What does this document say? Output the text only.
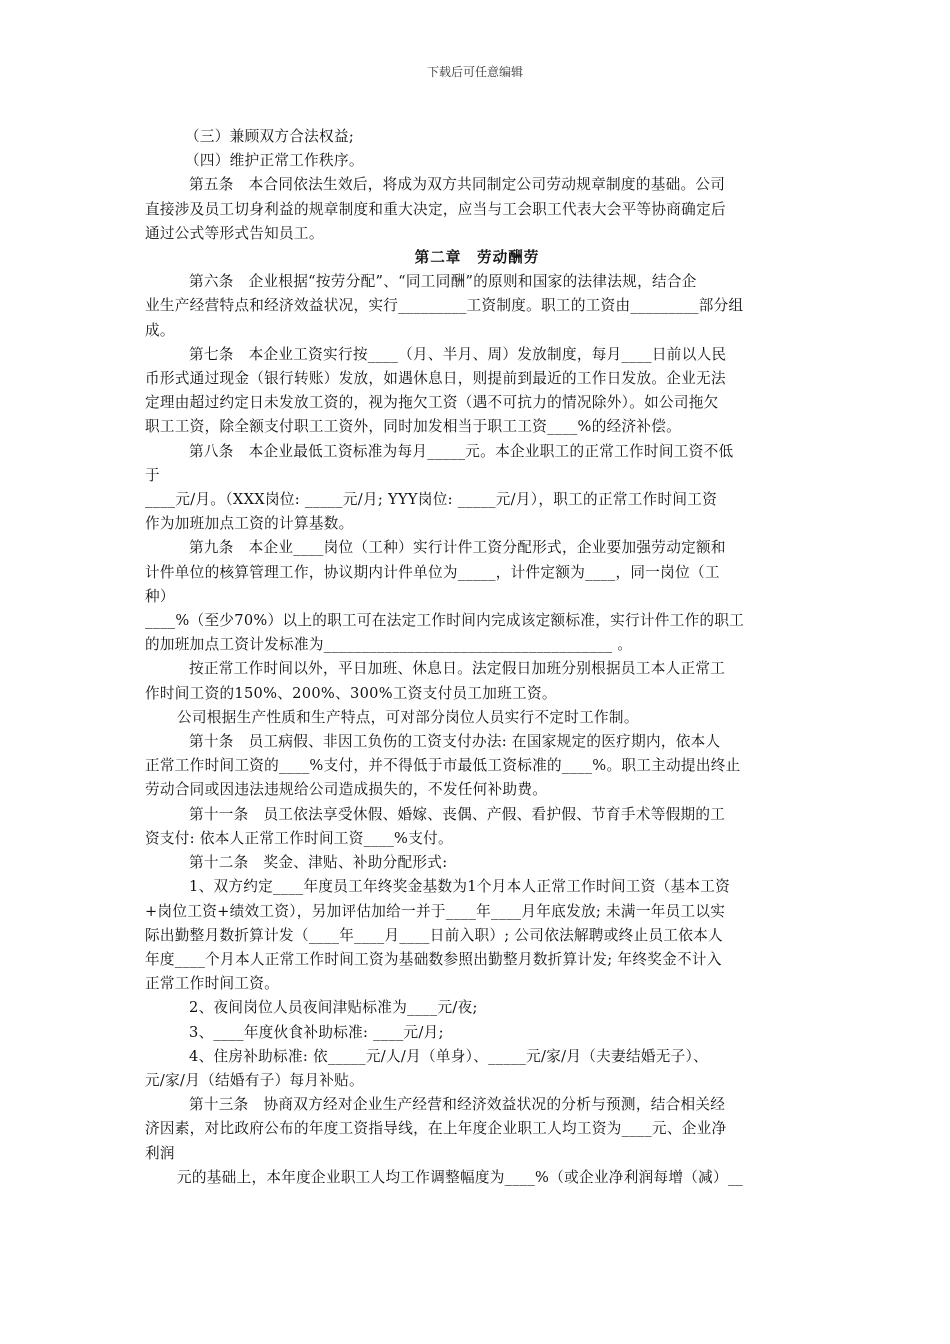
下载后可任意编辑

（三）兼顾双方合法权益;

（四）维护正常工作秩序。

第五条　本合同依法生效后，将成为双方共同制定公司劳动规章制度的基础。公司

直接涉及员工切身利益的规章制度和重大决定，应当与工会职工代表大会平等协商确定后

通过公式等形式告知员工。

第二章　劳动酬劳

第六条　企业根据“按劳分配”、“同工同酬”的原则和国家的法律法规，结合企

业生产经营特点和经济效益状况，实行_________工资制度。职工的工资由_________部分组

成。

第七条　本企业工资实行按____（月、半月、周）发放制度，每月____日前以人民

币形式通过现金（银行转账）发放，如遇休息日，则提前到最近的工作日发放。企业无法

定理由超过约定日未发放工资的，视为拖欠工资（遇不可抗力的情况除外）。如公司拖欠

职工工资，除全额支付职工工资外，同时加发相当于职工工资____%的经济补偿。

第八条　本企业最低工资标准为每月_____元。本企业职工的正常工作时间工资不低

于

____元/月。（XXX岗位: _____元/月; YYY岗位: _____元/月），职工的正常工作时间工资

作为加班加点工资的计算基数。

第九条　本企业____岗位（工种）实行计件工资分配形式，企业要加强劳动定额和

计件单位的核算管理工作，协议期内计件单位为_____，计件定额为____，同一岗位（工

种）

____%（至少70%）以上的职工可在法定工作时间内完成该定额标准，实行计件工作的职工

的加班加点工资计发标准为______________________________________ 。

按正常工作时间以外，平日加班、休息日。法定假日加班分别根据员工本人正常工

作时间工资的150%、200%、300%工资支付员工加班工资。

公司根据生产性质和生产特点，可对部分岗位人员实行不定时工作制。

第十条　员工病假、非因工负伤的工资支付办法: 在国家规定的医疗期内，依本人

正常工作时间工资的____%支付，并不得低于市最低工资标准的____%。职工主动提出终止

劳动合同或因违法违规给公司造成损失的，不发任何补助费。

第十一条　员工依法享受休假、婚嫁、丧偶、产假、看护假、节育手术等假期的工

资支付: 依本人正常工作时间工资____%支付。

第十二条　奖金、津贴、补助分配形式:

1、双方约定____年度员工年终奖金基数为1个月本人正常工作时间工资（基本工资

+岗位工资+绩效工资），另加评估加给一并于____年____月年底发放; 未满一年员工以实

际出勤整月数折算计发（____年____月____日前入职）; 公司依法解聘或终止员工依本人

年度____个月本人正常工作时间工资为基础数参照出勤整月数折算计发; 年终奖金不计入

正常工作时间工资。

2、夜间岗位人员夜间津贴标准为____元/夜;

3、____年度伙食补助标准: ____元/月;

4、住房补助标准: 依_____元/人/月（单身）、_____元/家/月（夫妻结婚无子）、

元/家/月（结婚有子）每月补贴。

第十三条　协商双方经对企业生产经营和经济效益状况的分析与预测，结合相关经

济因素，对比政府公布的年度工资指导线，在上年度企业职工人均工资为____元、企业净

利润

元的基础上，本年度企业职工人均工作调整幅度为____%（或企业净利润每增（减）__
